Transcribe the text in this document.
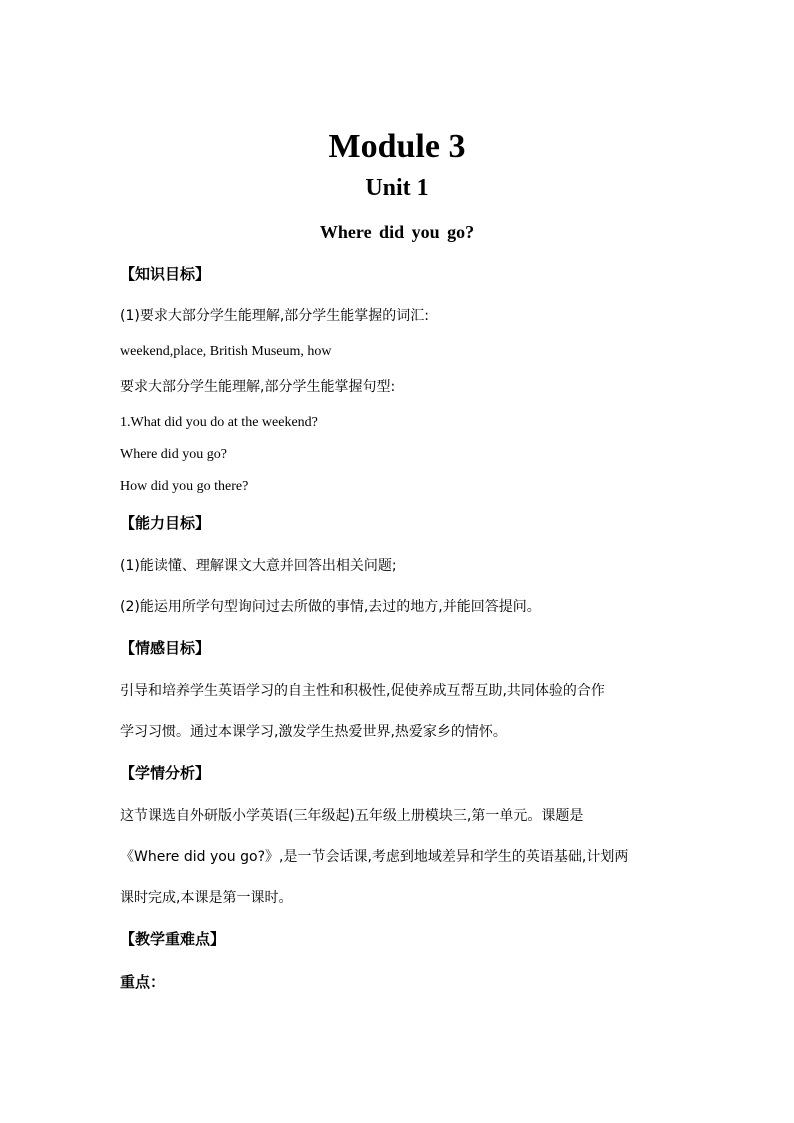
Module 3
Unit 1
Where did you go?
【知识目标】
(1)要求大部分学生能理解,部分学生能掌握的词汇:
weekend,place, British Museum, how
要求大部分学生能理解,部分学生能掌握句型:
1.What did you do at the weekend?
Where did you go?
How did you go there?
【能力目标】
(1)能读懂、理解课文大意并回答出相关问题;
(2)能运用所学句型询问过去所做的事情,去过的地方,并能回答提问。
【情感目标】
引导和培养学生英语学习的自主性和积极性,促使养成互帮互助,共同体验的合作
学习习惯。通过本课学习,激发学生热爱世界,热爱家乡的情怀。
【学情分析】
这节课选自外研版小学英语(三年级起)五年级上册模块三,第一单元。课题是
《Where did you go?》,是一节会话课,考虑到地域差异和学生的英语基础,计划两
课时完成,本课是第一课时。
【教学重难点】
重点：
